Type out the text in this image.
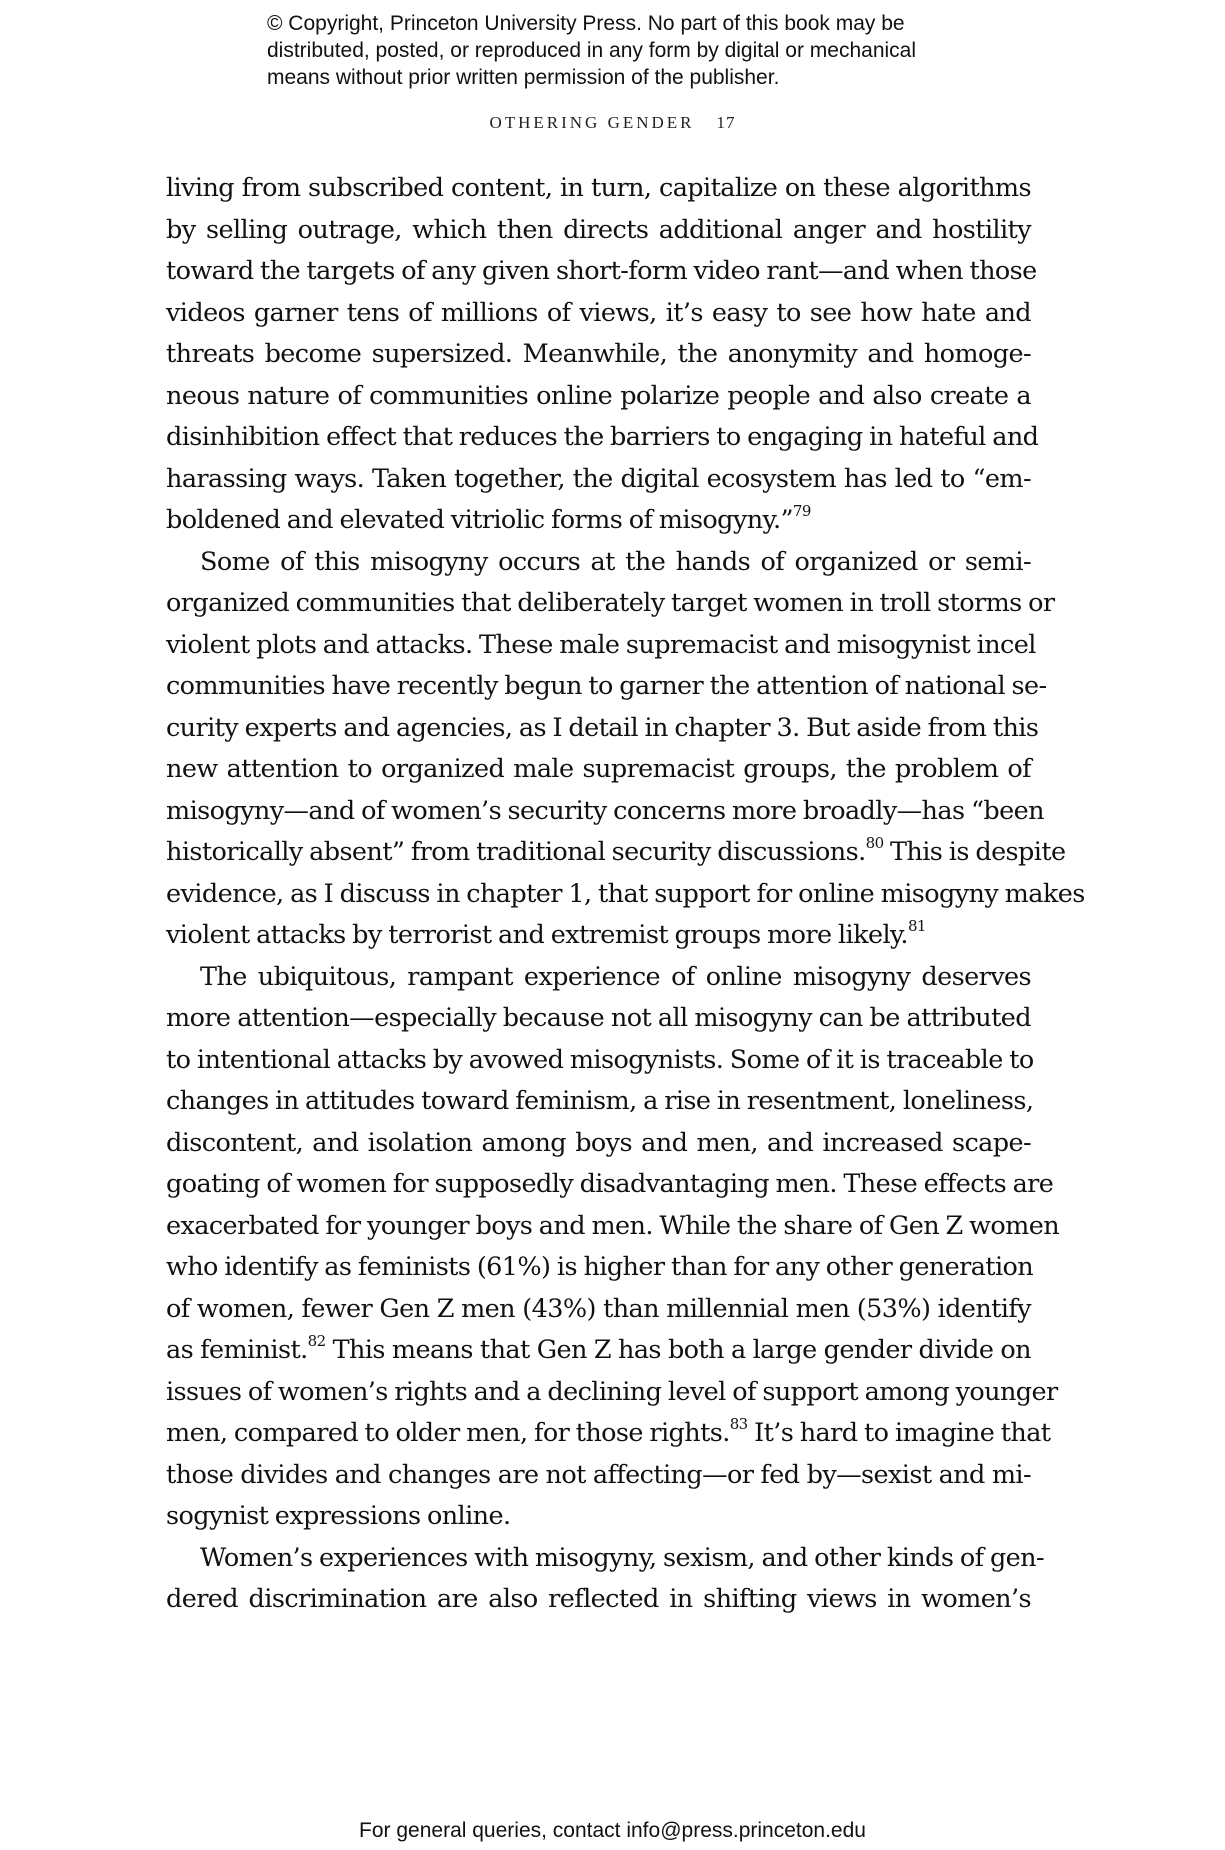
© Copyright, Princeton University Press. No part of this book may be
distributed, posted, or reproduced in any form by digital or mechanical
means without prior written permission of the publisher.
OTHERING GENDER 17
living from subscribed content, in turn, capitalize on these algorithms
by selling outrage, which then directs additional anger and hostility
toward the targets of any given short-form video rant—and when those
videos garner tens of millions of views, it’s easy to see how hate and
threats become supersized. Meanwhile, the anonymity and homoge-
neous nature of communities online polarize people and also create a
disinhibition effect that reduces the barriers to engaging in hateful and
harassing ways. Taken together, the digital ecosystem has led to “em-
boldened and elevated vitriolic forms of misogyny.”$^{79}$
Some of this misogyny occurs at the hands of organized or semi-
organized communities that deliberately target women in troll storms or
violent plots and attacks. These male supremacist and misogynist incel
communities have recently begun to garner the attention of national se-
curity experts and agencies, as I detail in chapter 3. But aside from this
new attention to organized male supremacist groups, the problem of
misogyny—and of women’s security concerns more broadly—has “been
historically absent” from traditional security discussions.$^{80}$ This is despite
evidence, as I discuss in chapter 1, that support for online misogyny makes
violent attacks by terrorist and extremist groups more likely.$^{81}$
The ubiquitous, rampant experience of online misogyny deserves
more attention—especially because not all misogyny can be attributed
to intentional attacks by avowed misogynists. Some of it is traceable to
changes in attitudes toward feminism, a rise in resentment, loneliness,
discontent, and isolation among boys and men, and increased scape-
goating of women for supposedly disadvantaging men. These effects are
exacerbated for younger boys and men. While the share of Gen Z women
who identify as feminists (61%) is higher than for any other generation
of women, fewer Gen Z men (43%) than millennial men (53%) identify
as feminist.$^{82}$ This means that Gen Z has both a large gender divide on
issues of women’s rights and a declining level of support among younger
men, compared to older men, for those rights.$^{83}$ It’s hard to imagine that
those divides and changes are not affecting—or fed by—sexist and mi-
sogynist expressions online.
Women’s experiences with misogyny, sexism, and other kinds of gen-
dered discrimination are also reflected in shifting views in women’s
For general queries, contact info@press.princeton.edu
